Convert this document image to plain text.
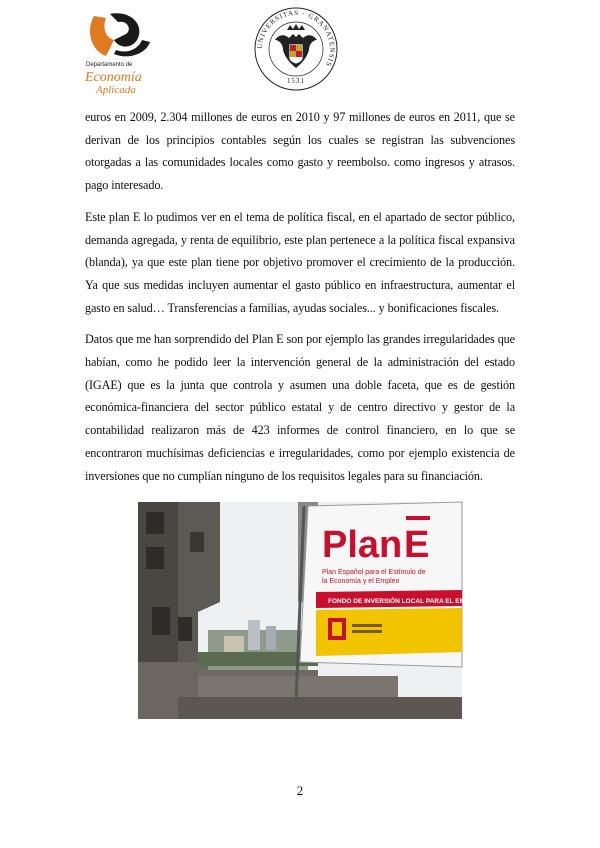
Departamento de
Economía
Aplicada
UNIVERSITAS · GRANATENSIS
1531

euros en 2009, 2.304 millones de euros en 2010 y 97 millones de euros en 2011, que se derivan de los principios contables según los cuales se registran las subvenciones otorgadas a las comunidades locales como gasto y reembolso. como ingresos y atrasos. pago interesado.

Este plan E lo pudimos ver en el tema de política fiscal, en el apartado de sector público, demanda agregada, y renta de equilibrio, este plan pertenece a la política fiscal expansiva (blanda), ya que este plan tiene por objetivo promover el crecimiento de la producción. Ya que sus medidas incluyen aumentar el gasto público en infraestructura, aumentar el gasto en salud… Transferencias a familias, ayudas sociales... y bonificaciones fiscales.

Datos que me han sorprendido del Plan E son por ejemplo las grandes irregularidades que habían, como he podido leer la intervención general de la administración del estado (IGAE) que es la junta que controla y asumen una doble faceta, que es de gestión económica-financiera del sector público estatal y de centro directivo y gestor de la contabilidad realizaron más de 423 informes de control financiero, en lo que se encontraron muchísimas deficiencias e irregularidades, como por ejemplo existencia de inversiones que no cumplían ninguno de los requisitos legales para su financiación.

Plan E
Plan Español para el Estímulo de
la Economía y el Empleo
FONDO DE INVERSIÓN LOCAL PARA EL EMPLEO
2
